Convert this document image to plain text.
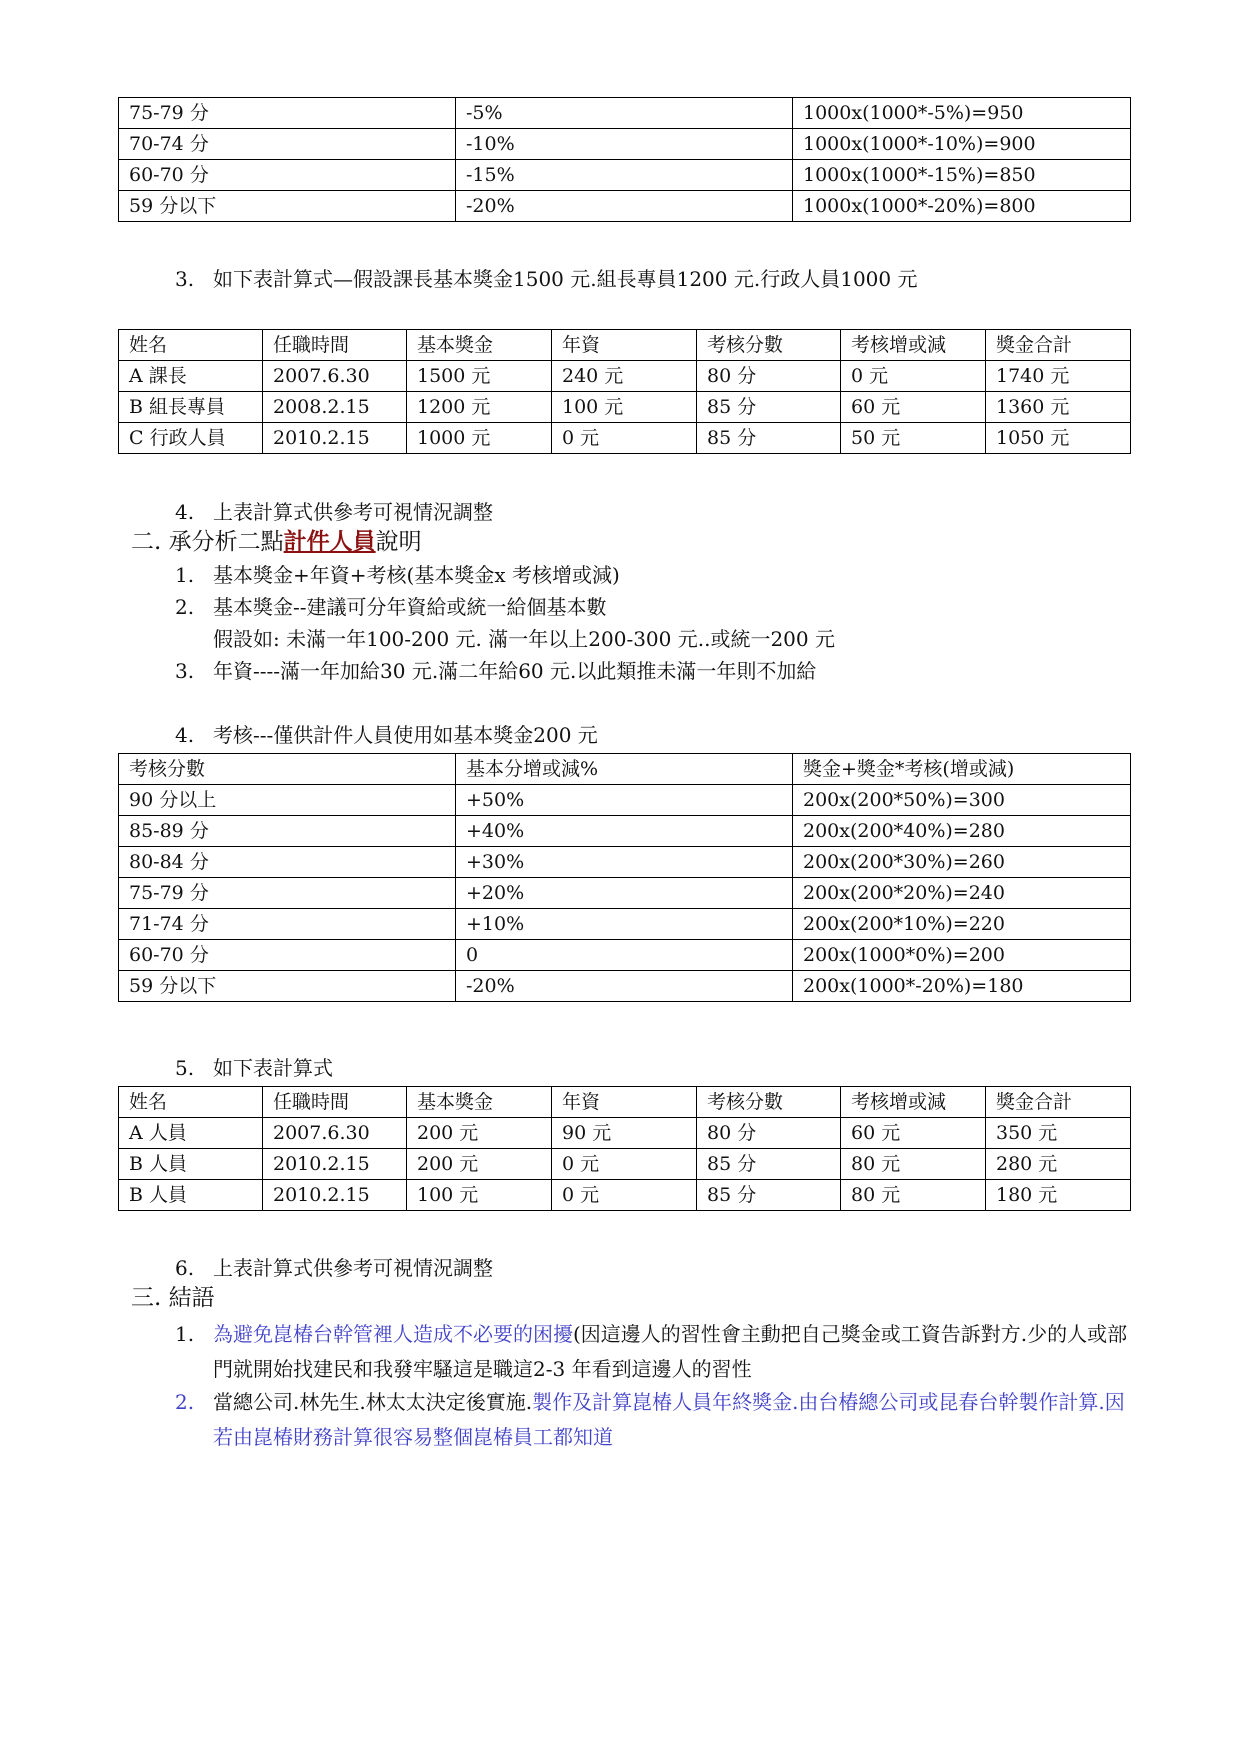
75-79 分	-5%	1000x(1000*-5%)=950
70-74 分	-10%	1000x(1000*-10%)=900
60-70 分	-15%	1000x(1000*-15%)=850
59 分以下	-20%	1000x(1000*-20%)=800
3. 如下表計算式—假設課長基本獎金1500 元.組長專員1200 元.行政人員1000 元
姓名	任職時間	基本獎金	年資	考核分數	考核增或減	獎金合計
A 課長	2007.6.30	1500 元	240 元	80 分	0 元	1740 元
B 組長專員	2008.2.15	1200 元	100 元	85 分	60 元	1360 元
C 行政人員	2010.2.15	1000 元	0 元	85 分	50 元	1050 元
4. 上表計算式供參考可視情況調整
二. 承分析二點計件人員說明
1. 基本獎金+年資+考核(基本獎金x 考核增或減)
2. 基本獎金--建議可分年資給或統一給個基本數
假設如: 未滿一年100-200 元. 滿一年以上200-300 元..或統一200 元
3. 年資----滿一年加給30 元.滿二年給60 元.以此類推未滿一年則不加給
4. 考核---僅供計件人員使用如基本獎金200 元
考核分數	基本分增或減%	獎金+獎金*考核(增或減)
90 分以上	+50%	200x(200*50%)=300
85-89 分	+40%	200x(200*40%)=280
80-84 分	+30%	200x(200*30%)=260
75-79 分	+20%	200x(200*20%)=240
71-74 分	+10%	200x(200*10%)=220
60-70 分	0	200x(1000*0%)=200
59 分以下	-20%	200x(1000*-20%)=180
5. 如下表計算式
姓名	任職時間	基本獎金	年資	考核分數	考核增或減	獎金合計
A 人員	2007.6.30	200 元	90 元	80 分	60 元	350 元
B 人員	2010.2.15	200 元	0 元	85 分	80 元	280 元
B 人員	2010.2.15	100 元	0 元	85 分	80 元	180 元
6. 上表計算式供參考可視情況調整
三. 結語
1. 為避免崑椿台幹管裡人造成不必要的困擾(因這邊人的習性會主動把自己獎金或工資告訴對方.少的人或部門就開始找建民和我發牢騷這是職這2-3 年看到這邊人的習性
2. 當總公司.林先生.林太太決定後實施.製作及計算崑椿人員年終獎金.由台椿總公司或昆春台幹製作計算.因若由崑椿財務計算很容易整個崑椿員工都知道
